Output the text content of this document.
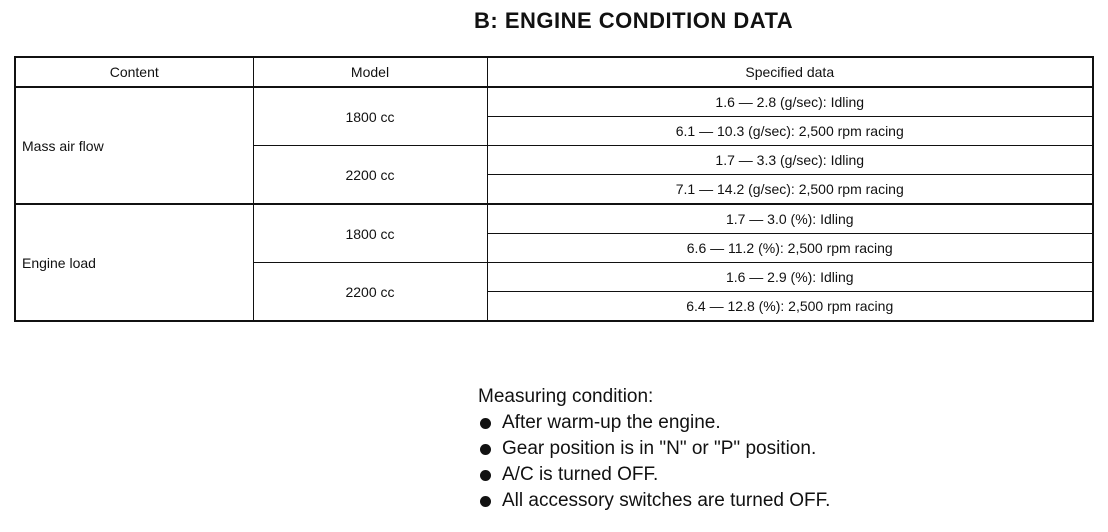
B: ENGINE CONDITION DATA
Content	Model	Specified data
Mass air flow	1800 cc	1.6 — 2.8 (g/sec): Idling
		6.1 — 10.3 (g/sec): 2,500 rpm racing
	2200 cc	1.7 — 3.3 (g/sec): Idling
		7.1 — 14.2 (g/sec): 2,500 rpm racing
Engine load	1800 cc	1.7 — 3.0 (%): Idling
		6.6 — 11.2 (%): 2,500 rpm racing
	2200 cc	1.6 — 2.9 (%): Idling
		6.4 — 12.8 (%): 2,500 rpm racing
Measuring condition:
After warm-up the engine.
Gear position is in "N" or "P" position.
A/C is turned OFF.
All accessory switches are turned OFF.
